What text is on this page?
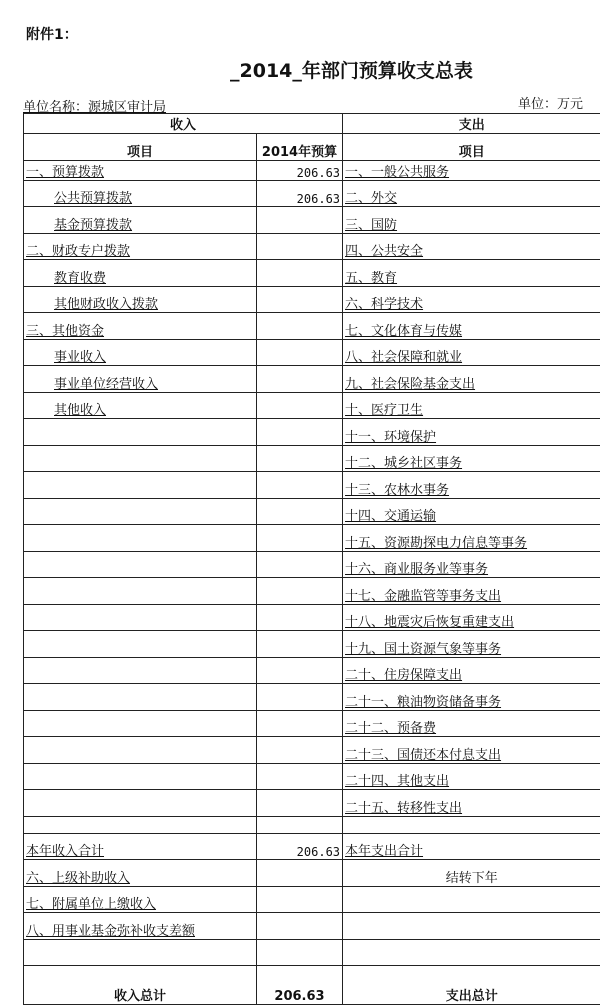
附件1：
_2014_年部门预算收支总表
单位名称：源城区审计局	单位：万元
收入		支出
项目	2014年预算	项目
一、预算拨款	206.63	一、一般公共服务
公共预算拨款	206.63	二、外交
基金预算拨款		三、国防
二、财政专户拨款		四、公共安全
教育收费		五、教育
其他财政收入拨款		六、科学技术
三、其他资金		七、文化体育与传媒
事业收入		八、社会保障和就业
事业单位经营收入		九、社会保险基金支出
其他收入		十、医疗卫生
		十一、环境保护
		十二、城乡社区事务
		十三、农林水事务
		十四、交通运输
		十五、资源勘探电力信息等事务
		十六、商业服务业等事务
		十七、金融监管等事务支出
		十八、地震灾后恢复重建支出
		十九、国土资源气象等事务
		二十、住房保障支出
		二十一、粮油物资储备事务
		二十二、预备费
		二十三、国债还本付息支出
		二十四、其他支出
		二十五、转移性支出

本年收入合计	206.63	本年支出合计
六、上级补助收入		结转下年
七、附属单位上缴收入		
八、用事业基金弥补收支差额		

收入总计	206.63	支出总计
